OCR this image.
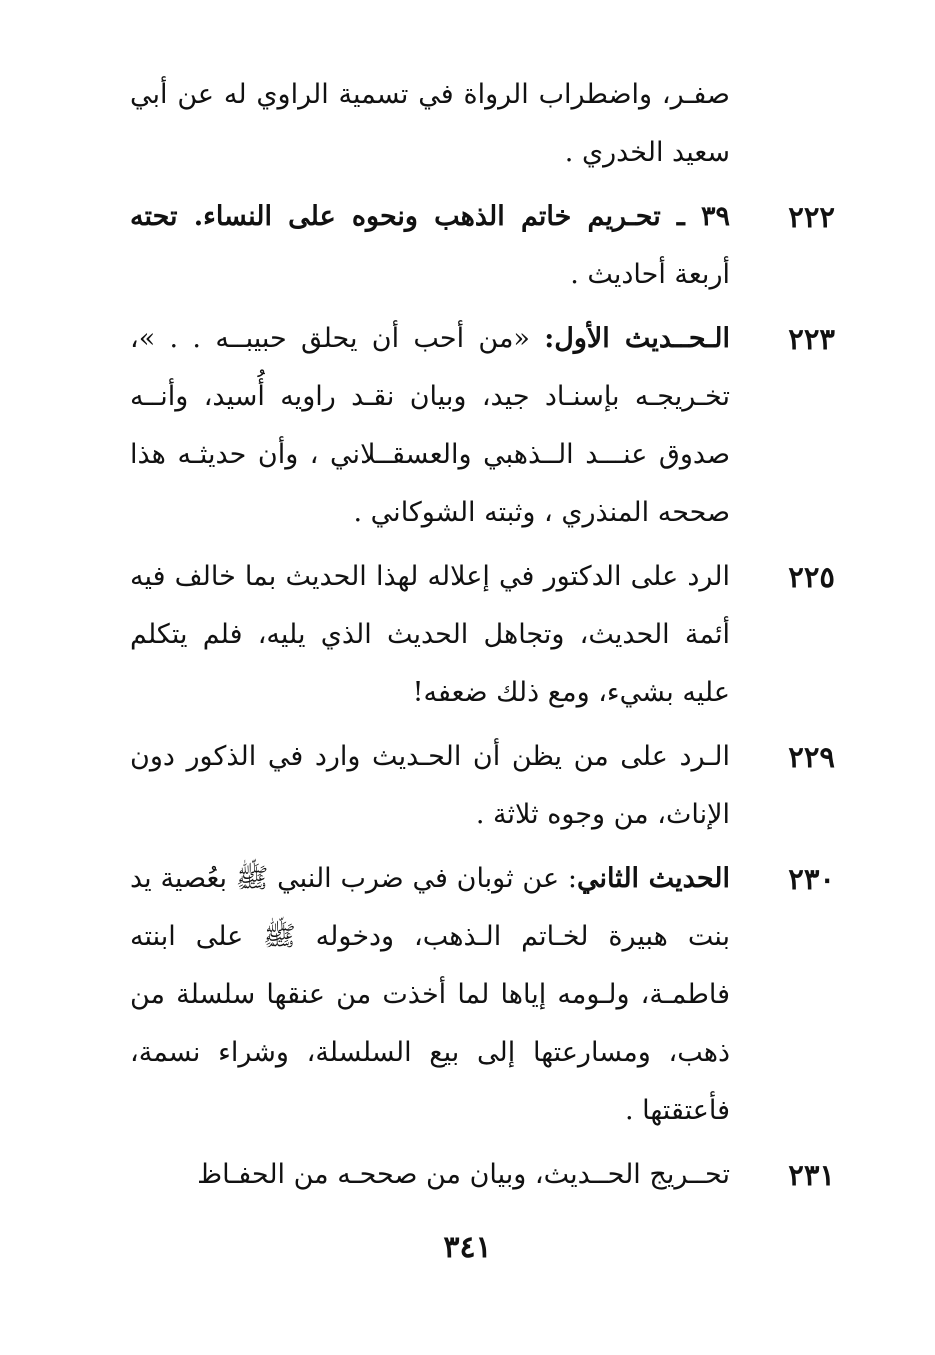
صفـر، واضطراب الرواة في تسمية الراوي له عن أبي سعيد الخدري .
٢٢٢
٣٩ ـ تحـريم خاتم الذهب ونحوه على النساء. تحته أربعة أحاديث .
٢٢٣
الـحــديث الأول: «من أحب أن يحلق حبيبــه . . »، تخـريجـه بإسنـاد جيد، وبيان نقـد راويه أُسيد، وأنــه صدوق عنـــد الــذهبي والعسقــلاني ، وأن حديثـه هذا صححه المنذري ، وثبته الشوكاني .
٢٢٥
الرد على الدكتور في إعلاله لهذا الحديث بما خالف فيه أئمة الحديث، وتجاهل الحديث الذي يليه، فلم يتكلم عليه بشيء، ومع ذلك ضعفه!
٢٢٩
الـرد على من يظن أن الحـديث وارد في الذكور دون الإناث، من وجوه ثلاثة .
٢٣٠
الحديث الثاني: عن ثوبان في ضرب النبي ﷺ بعُصية يد بنت هبيرة لخـاتم الـذهب، ودخوله ﷺ على ابنته فاطمـة، ولـومه إياها لما أخذت من عنقها سلسلة من ذهب، ومسارعتها إلى بيع السلسلة، وشراء نسمة، فأعتقتها .
٢٣١
تحــريج الحــديث، وبيان من صححـه من الحفـاظ
٣٤١
